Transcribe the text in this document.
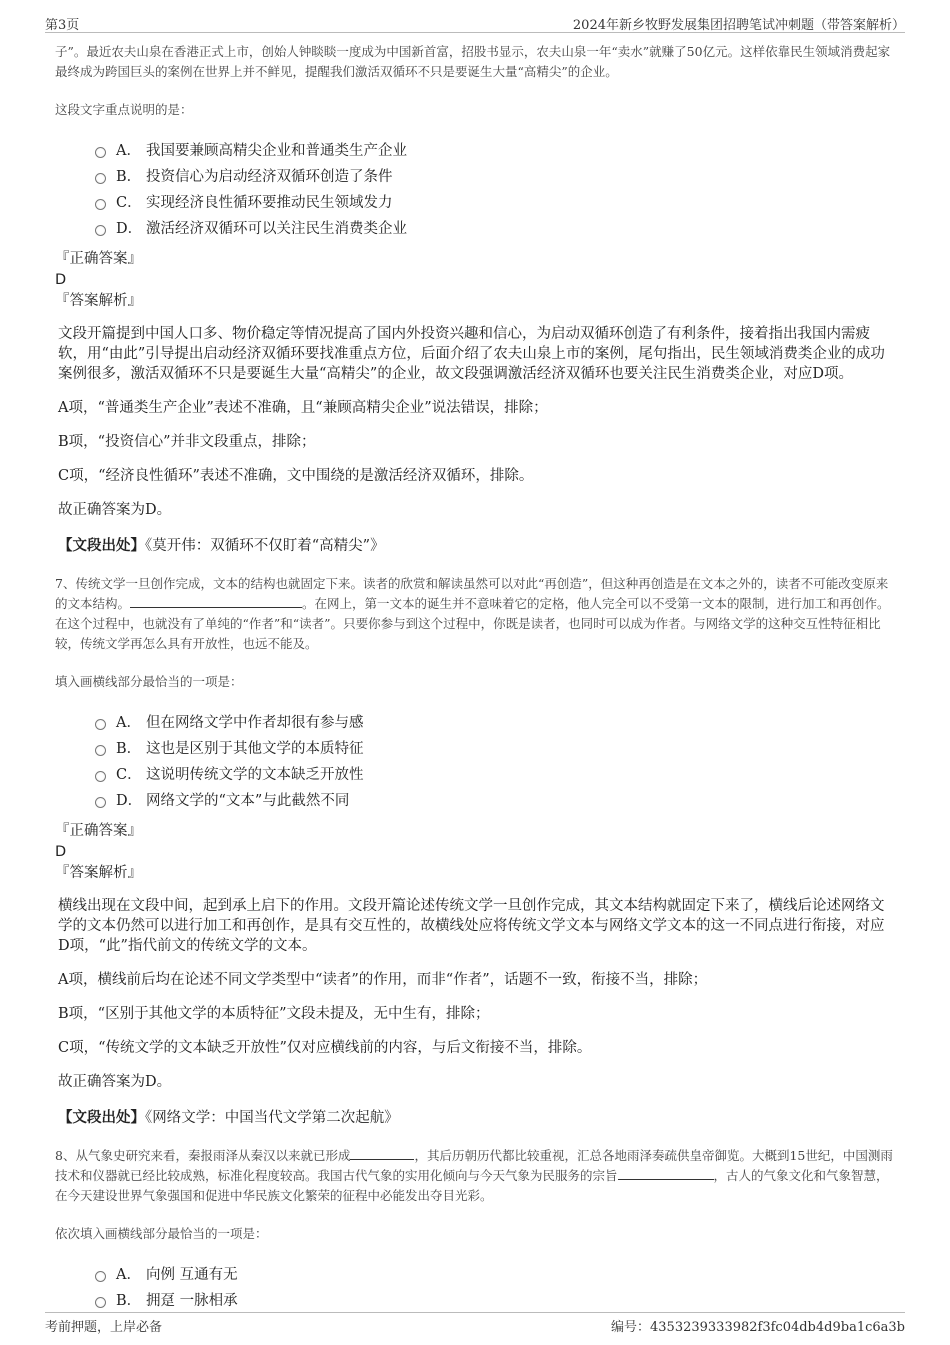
第3页	2024年新乡牧野发展集团招聘笔试冲刺题（带答案解析）

子”。最近农夫山泉在香港正式上市，创始人钟睒睒一度成为中国新首富，招股书显示，农夫山泉一年“卖水”就赚了50亿元。这样依靠民生领域消费起家最终成为跨国巨头的案例在世界上并不鲜见，提醒我们激活双循环不只是要诞生大量“高精尖”的企业。

这段文字重点说明的是：

A． 我国要兼顾高精尖企业和普通类生产企业
B． 投资信心为启动经济双循环创造了条件
C． 实现经济良性循环要推动民生领域发力
D． 激活经济双循环可以关注民生消费类企业

『正确答案』

D

『答案解析』

文段开篇提到中国人口多、物价稳定等情况提高了国内外投资兴趣和信心，为启动双循环创造了有利条件，接着指出我国内需疲软，用“由此”引导提出启动经济双循环要找准重点方位，后面介绍了农夫山泉上市的案例，尾句指出，民生领域消费类企业的成功案例很多，激活双循环不只是要诞生大量“高精尖”的企业，故文段强调激活经济双循环也要关注民生消费类企业，对应D项。

A项，“普通类生产企业”表述不准确，且“兼顾高精尖企业”说法错误，排除；

B项，“投资信心”并非文段重点，排除；

C项，“经济良性循环”表述不准确，文中围绕的是激活经济双循环，排除。

故正确答案为D。

【文段出处】《莫开伟：双循环不仅盯着“高精尖”》

7、传统文学一旦创作完成，文本的结构也就固定下来。读者的欣赏和解读虽然可以对此“再创造”，但这种再创造是在文本之外的，读者不可能改变原来的文本结构。	。在网上，第一文本的诞生并不意味着它的定格，他人完全可以不受第一文本的限制，进行加工和再创作。在这个过程中，也就没有了单纯的“作者”和“读者”。只要你参与到这个过程中，你既是读者，也同时可以成为作者。与网络文学的这种交互性特征相比较，传统文学再怎么具有开放性，也远不能及。

填入画横线部分最恰当的一项是：

A． 但在网络文学中作者却很有参与感
B． 这也是区别于其他文学的本质特征
C． 这说明传统文学的文本缺乏开放性
D． 网络文学的“文本”与此截然不同

『正确答案』

D

『答案解析』

横线出现在文段中间，起到承上启下的作用。文段开篇论述传统文学一旦创作完成，其文本结构就固定下来了，横线后论述网络文学的文本仍然可以进行加工和再创作，是具有交互性的，故横线处应将传统文学文本与网络文学文本的这一不同点进行衔接，对应D项，“此”指代前文的传统文学的文本。

A项，横线前后均在论述不同文学类型中“读者”的作用，而非“作者”，话题不一致，衔接不当，排除；

B项，“区别于其他文学的本质特征”文段未提及，无中生有，排除；

C项，“传统文学的文本缺乏开放性”仅对应横线前的内容，与后文衔接不当，排除。

故正确答案为D。

【文段出处】《网络文学：中国当代文学第二次起航》

8、从气象史研究来看，秦报雨泽从秦汉以来就已形成	，其后历朝历代都比较重视，汇总各地雨泽奏疏供皇帝御览。大概到15世纪，中国测雨技术和仪器就已经比较成熟，标准化程度较高。我国古代气象的实用化倾向与今天气象为民服务的宗旨	，古人的气象文化和气象智慧，在今天建设世界气象强国和促进中华民族文化繁荣的征程中必能发出夺目光彩。

依次填入画横线部分最恰当的一项是：

A． 向例 互通有无
B． 拥趸 一脉相承
考前押题，上岸必备	编号：4353239333982f3fc04db4d9ba1c6a3b
